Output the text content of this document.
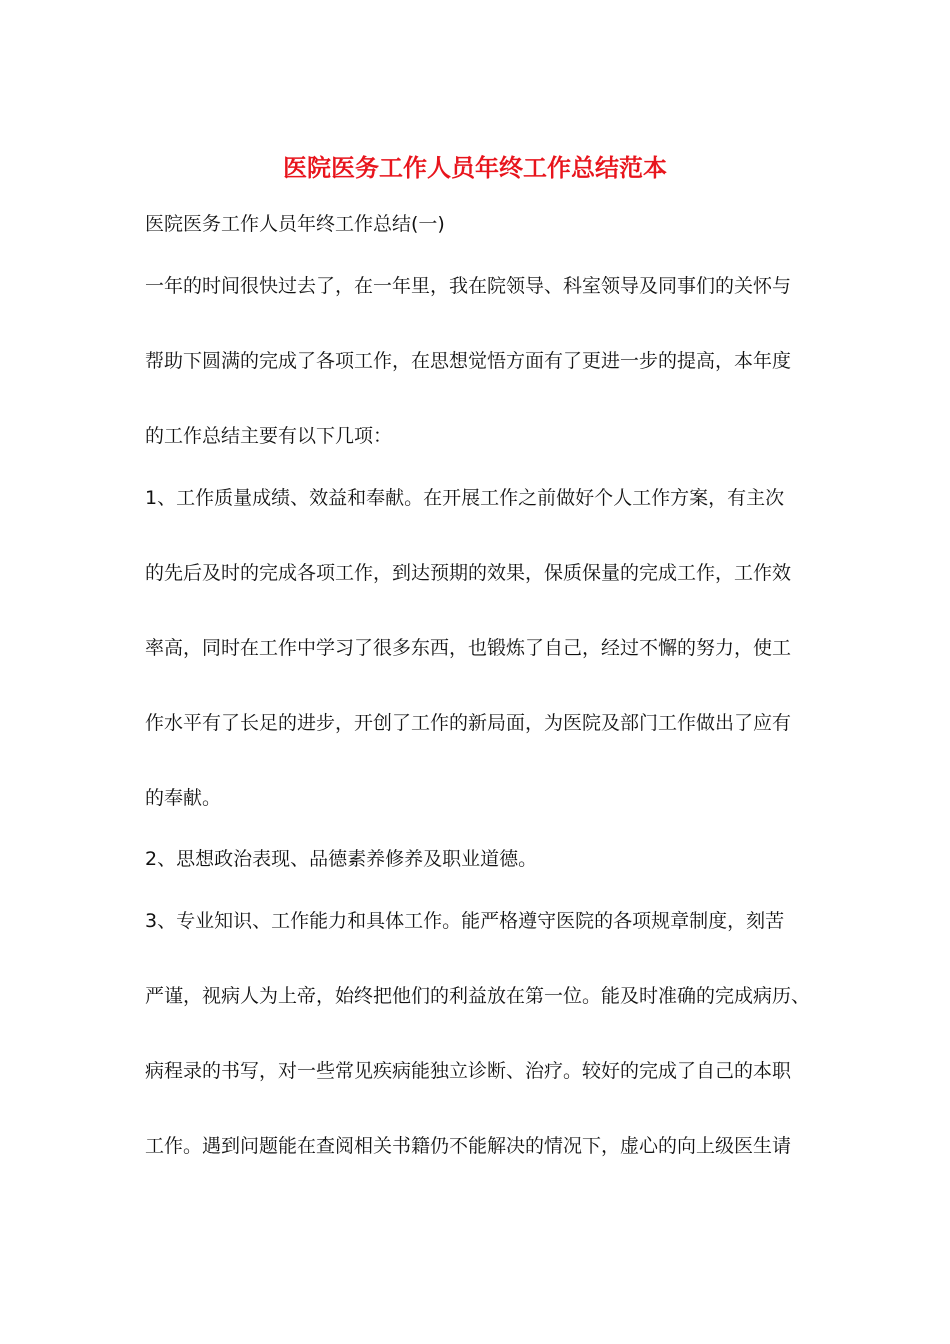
医院医务工作人员年终工作总结范本

医院医务工作人员年终工作总结(一)

一年的时间很快过去了，在一年里，我在院领导、科室领导及同事们的关怀与

帮助下圆满的完成了各项工作，在思想觉悟方面有了更进一步的提高，本年度

的工作总结主要有以下几项：

1、工作质量成绩、效益和奉献。在开展工作之前做好个人工作方案，有主次

的先后及时的完成各项工作，到达预期的效果，保质保量的完成工作，工作效

率高，同时在工作中学习了很多东西，也锻炼了自己，经过不懈的努力，使工

作水平有了长足的进步，开创了工作的新局面，为医院及部门工作做出了应有

的奉献。

2、思想政治表现、品德素养修养及职业道德。

3、专业知识、工作能力和具体工作。能严格遵守医院的各项规章制度，刻苦

严谨，视病人为上帝，始终把他们的利益放在第一位。能及时准确的完成病历、

病程录的书写，对一些常见疾病能独立诊断、治疗。较好的完成了自己的本职

工作。遇到问题能在查阅相关书籍仍不能解决的情况下，虚心的向上级医生请
